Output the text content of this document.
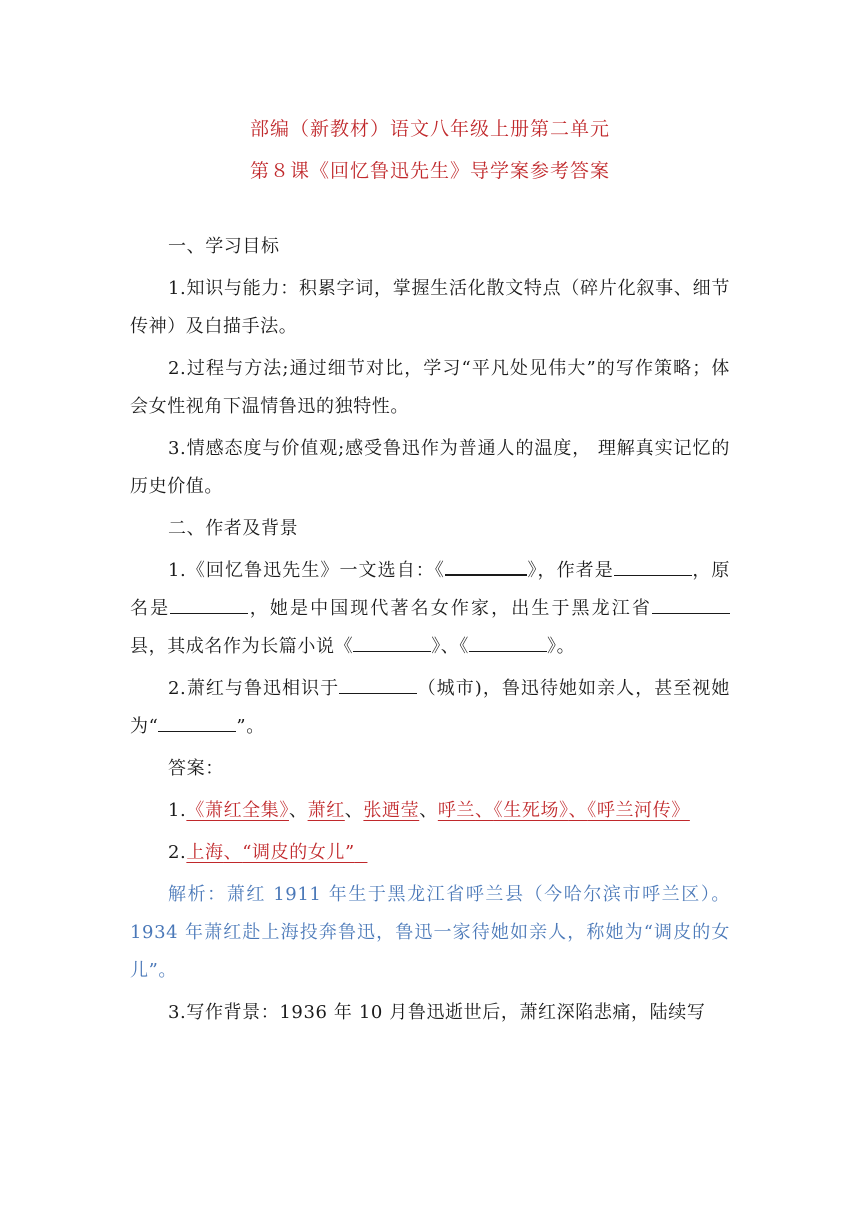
部编（新教材）语文八年级上册第二单元

第８课《回忆鲁迅先生》导学案参考答案

一、学习目标

1.知识与能力：积累字词，掌握生活化散文特点（碎片化叙事、细节传神）及白描手法。

2.过程与方法;通过细节对比，学习“平凡处见伟大”的写作策略；体会女性视角下温情鲁迅的独特性。

3.情感态度与价值观;感受鲁迅作为普通人的温度， 理解真实记忆的历史价值。

二、作者及背景

1.《回忆鲁迅先生》一文选自：《	》，作者是	，原名是	，她是中国现代著名女作家，出生于黑龙江省县，其成名作为长篇小说《	》、《	》。

2.萧红与鲁迅相识于	（城市)，鲁迅待她如亲人，甚至视她为“	”。

答案：

1.《萧红全集》、萧红、张迺莹、呼兰、《生死场》、《呼兰河传》

2.上海、“调皮的女儿”

解析：萧红 1911 年生于黑龙江省呼兰县（今哈尔滨市呼兰区）。1934 年萧红赴上海投奔鲁迅，鲁迅一家待她如亲人，称她为“调皮的女儿”。

3.写作背景：1936 年 10 月鲁迅逝世后，萧红深陷悲痛，陆续写
